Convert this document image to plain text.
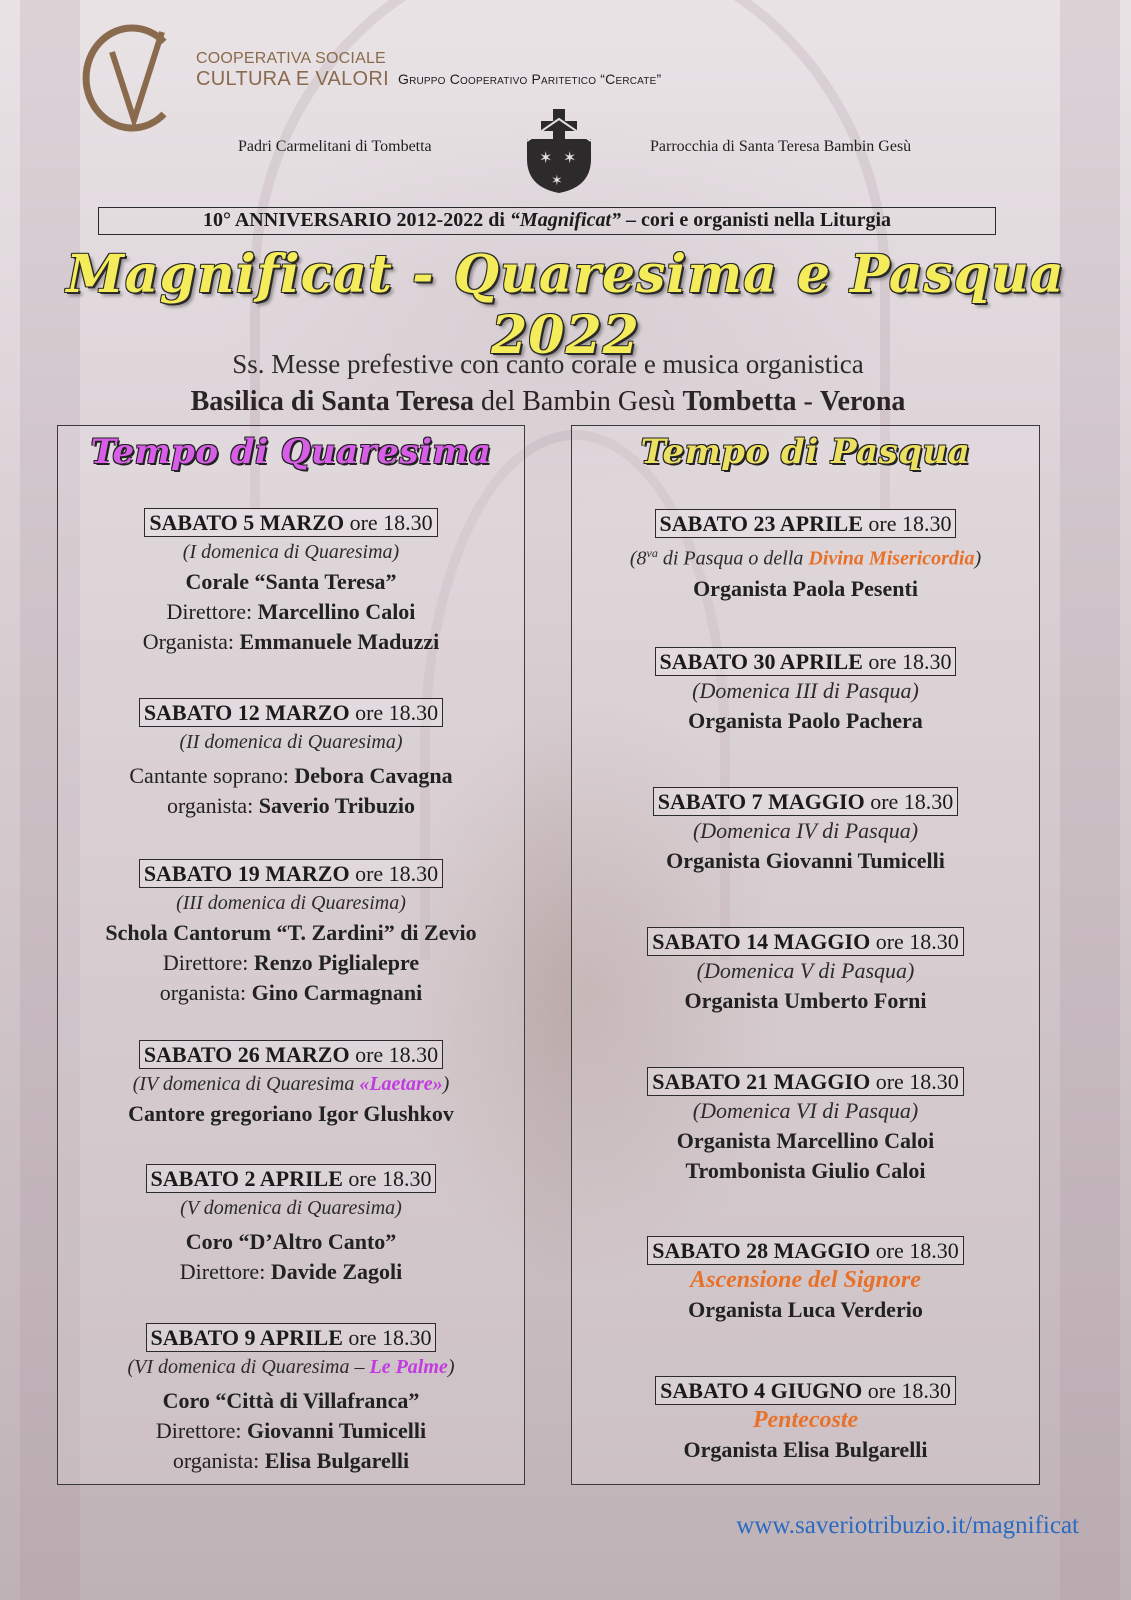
COOPERATIVA SOCIALE
CULTURA E VALORI Gruppo Cooperativo Paritetico “Cercate”
Padri Carmelitani di Tombetta
✶ ✶
✶
Parrocchia di Santa Teresa Bambin Gesù
10° ANNIVERSARIO 2012-2022 di “Magnificat” – cori e organisti nella Liturgia
Magnificat - Quaresima e Pasqua 2022
Ss. Messe prefestive con canto corale e musica organistica
Basilica di Santa Teresa del Bambin Gesù Tombetta - Verona
Tempo di Quaresima
SABATO 5 MARZO ore 18.30
(I domenica di Quaresima)
Corale “Santa Teresa”
Direttore: Marcellino Caloi
Organista: Emmanuele Maduzzi
SABATO 12 MARZO ore 18.30
(II domenica di Quaresima)
Cantante soprano: Debora Cavagna
organista: Saverio Tribuzio
SABATO 19 MARZO ore 18.30
(III domenica di Quaresima)
Schola Cantorum “T. Zardini” di Zevio
Direttore: Renzo Piglialepre
organista: Gino Carmagnani
SABATO 26 MARZO ore 18.30
(IV domenica di Quaresima «Laetare»)
Cantore gregoriano Igor Glushkov
SABATO 2 APRILE ore 18.30
(V domenica di Quaresima)
Coro “D’Altro Canto”
Direttore: Davide Zagoli
SABATO 9 APRILE ore 18.30
(VI domenica di Quaresima – Le Palme)
Coro “Città di Villafranca”
Direttore: Giovanni Tumicelli
organista: Elisa Bulgarelli
Tempo di Pasqua
SABATO 23 APRILE ore 18.30
($8^{va}$ di Pasqua o della Divina Misericordia)
Organista Paola Pesenti
SABATO 30 APRILE ore 18.30
(Domenica III di Pasqua)
Organista Paolo Pachera
SABATO 7 MAGGIO ore 18.30
(Domenica IV di Pasqua)
Organista Giovanni Tumicelli
SABATO 14 MAGGIO ore 18.30
(Domenica V di Pasqua)
Organista Umberto Forni
SABATO 21 MAGGIO ore 18.30
(Domenica VI di Pasqua)
Organista Marcellino Caloi
Trombonista Giulio Caloi
SABATO 28 MAGGIO ore 18.30
Ascensione del Signore
Organista Luca Verderio
SABATO 4 GIUGNO ore 18.30
Pentecoste
Organista Elisa Bulgarelli
www.saveriotribuzio.it/magnificat
